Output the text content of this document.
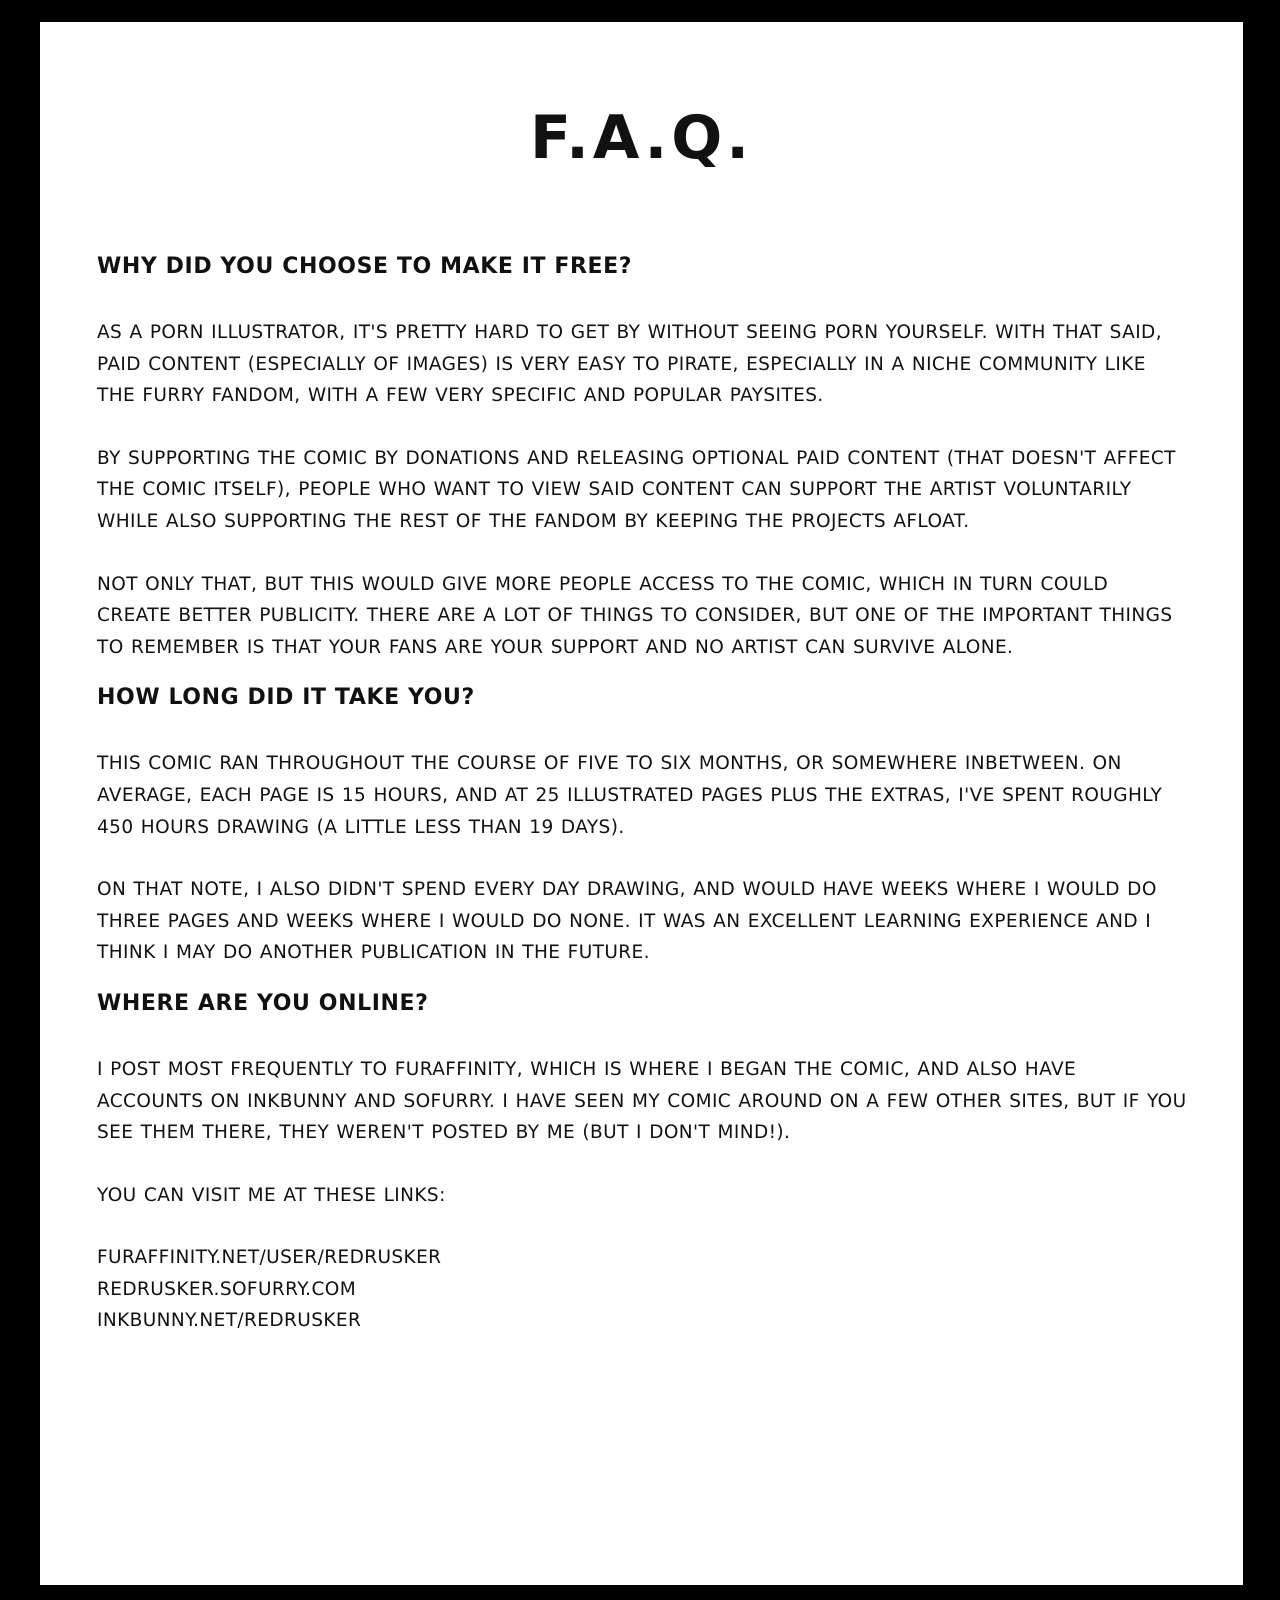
F.A.Q.
WHY DID YOU CHOOSE TO MAKE IT FREE?

AS A PORN ILLUSTRATOR, IT'S PRETTY HARD TO GET BY WITHOUT SEEING PORN YOURSELF. WITH THAT SAID, PAID CONTENT (ESPECIALLY OF IMAGES) IS VERY EASY TO PIRATE, ESPECIALLY IN A NICHE COMMUNITY LIKE THE FURRY FANDOM, WITH A FEW VERY SPECIFIC AND POPULAR PAYSITES.

BY SUPPORTING THE COMIC BY DONATIONS AND RELEASING OPTIONAL PAID CONTENT (THAT DOESN'T AFFECT THE COMIC ITSELF), PEOPLE WHO WANT TO VIEW SAID CONTENT CAN SUPPORT THE ARTIST VOLUNTARILY WHILE ALSO SUPPORTING THE REST OF THE FANDOM BY KEEPING THE PROJECTS AFLOAT.

NOT ONLY THAT, BUT THIS WOULD GIVE MORE PEOPLE ACCESS TO THE COMIC, WHICH IN TURN COULD CREATE BETTER PUBLICITY. THERE ARE A LOT OF THINGS TO CONSIDER, BUT ONE OF THE IMPORTANT THINGS TO REMEMBER IS THAT YOUR FANS ARE YOUR SUPPORT AND NO ARTIST CAN SURVIVE ALONE.

HOW LONG DID IT TAKE YOU?

THIS COMIC RAN THROUGHOUT THE COURSE OF FIVE TO SIX MONTHS, OR SOMEWHERE INBETWEEN. ON AVERAGE, EACH PAGE IS 15 HOURS, AND AT 25 ILLUSTRATED PAGES PLUS THE EXTRAS, I'VE SPENT ROUGHLY 450 HOURS DRAWING (A LITTLE LESS THAN 19 DAYS).

ON THAT NOTE, I ALSO DIDN'T SPEND EVERY DAY DRAWING, AND WOULD HAVE WEEKS WHERE I WOULD DO THREE PAGES AND WEEKS WHERE I WOULD DO NONE. IT WAS AN EXCELLENT LEARNING EXPERIENCE AND I THINK I MAY DO ANOTHER PUBLICATION IN THE FUTURE.

WHERE ARE YOU ONLINE?

I POST MOST FREQUENTLY TO FURAFFINITY, WHICH IS WHERE I BEGAN THE COMIC, AND ALSO HAVE ACCOUNTS ON INKBUNNY AND SOFURRY. I HAVE SEEN MY COMIC AROUND ON A FEW OTHER SITES, BUT IF YOU SEE THEM THERE, THEY WEREN'T POSTED BY ME (BUT I DON'T MIND!).

YOU CAN VISIT ME AT THESE LINKS:

FURAFFINITY.NET/USER/REDRUSKER
REDRUSKER.SOFURRY.COM
INKBUNNY.NET/REDRUSKER
